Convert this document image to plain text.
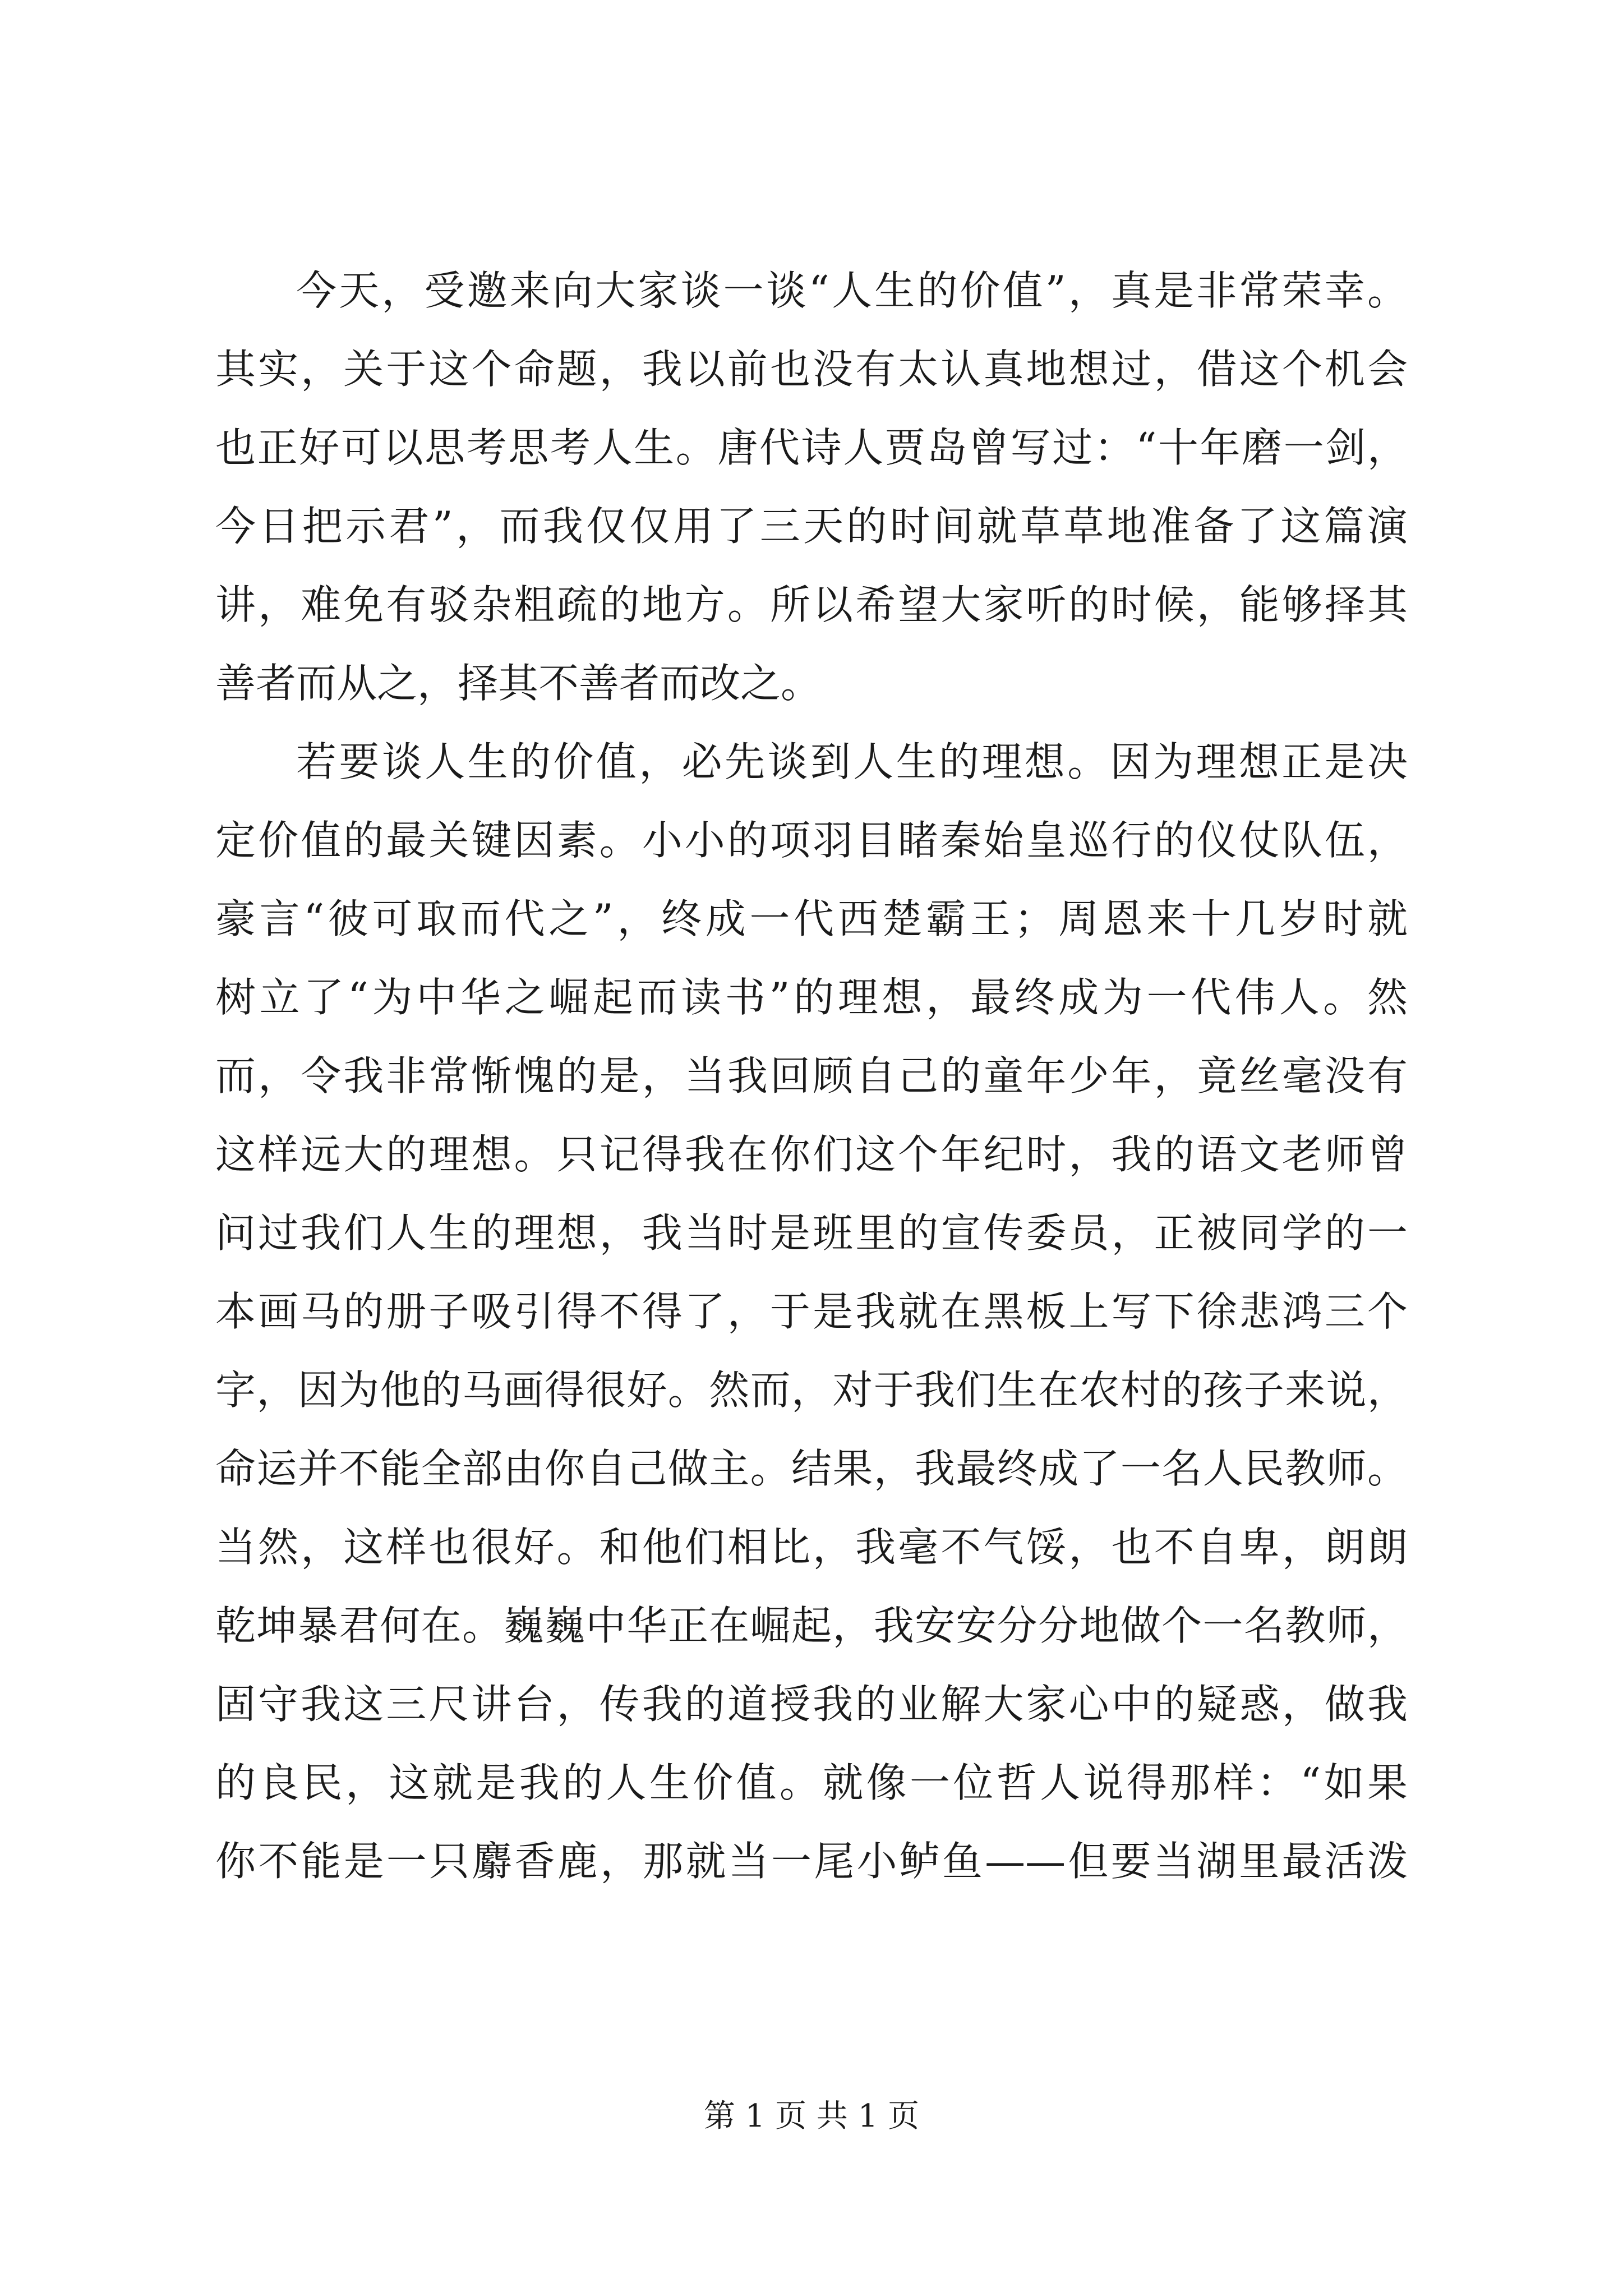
今天，受邀来向大家谈一谈“人生的价值”，真是非常荣幸。
其实，关于这个命题，我以前也没有太认真地想过，借这个机会
也正好可以思考思考人生。唐代诗人贾岛曾写过：“十年磨一剑，
今日把示君”，而我仅仅用了三天的时间就草草地准备了这篇演
讲，难免有驳杂粗疏的地方。所以希望大家听的时候，能够择其
善者而从之，择其不善者而改之。
若要谈人生的价值，必先谈到人生的理想。因为理想正是决
定价值的最关键因素。小小的项羽目睹秦始皇巡行的仪仗队伍，
豪言“彼可取而代之”，终成一代西楚霸王；周恩来十几岁时就
树立了“为中华之崛起而读书”的理想，最终成为一代伟人。然
而，令我非常惭愧的是，当我回顾自己的童年少年，竟丝毫没有
这样远大的理想。只记得我在你们这个年纪时，我的语文老师曾
问过我们人生的理想，我当时是班里的宣传委员，正被同学的一
本画马的册子吸引得不得了，于是我就在黑板上写下徐悲鸿三个
字，因为他的马画得很好。然而，对于我们生在农村的孩子来说，
命运并不能全部由你自己做主。结果，我最终成了一名人民教师。
当然，这样也很好。和他们相比，我毫不气馁，也不自卑，朗朗
乾坤暴君何在。巍巍中华正在崛起，我安安分分地做个一名教师，
固守我这三尺讲台，传我的道授我的业解大家心中的疑惑，做我
的良民，这就是我的人生价值。就像一位哲人说得那样：“如果
你不能是一只麝香鹿，那就当一尾小鲈鱼——但要当湖里最活泼
第 1 页 共 1 页
